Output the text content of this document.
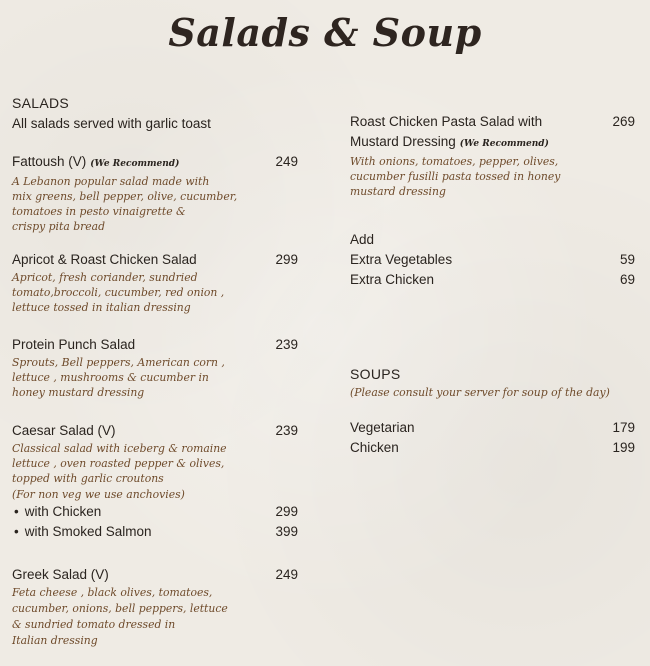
Salads & Soup
SALADS
All salads served with garlic toast
Fattoush (V) (We Recommend)	249
A Lebanon popular salad made with
mix greens, bell pepper, olive, cucumber,
tomatoes in pesto vinaigrette &
crispy pita bread
Apricot & Roast Chicken Salad	299
Apricot, fresh coriander, sundried
tomato,broccoli, cucumber, red onion ,
lettuce tossed in italian dressing
Protein Punch Salad	239
Sprouts, Bell peppers, American corn ,
lettuce , mushrooms & cucumber in
honey mustard dressing
Caesar Salad (V)	239
Classical salad with iceberg & romaine
lettuce , oven roasted pepper & olives,
topped with garlic croutons
(For non veg we use anchovies)
• with Chicken	299
• with Smoked Salmon	399
Greek Salad (V)	249
Feta cheese , black olives, tomatoes,
cucumber, onions, bell peppers, lettuce
& sundried tomato dressed in
Italian dressing
Roast Chicken Pasta Salad with	269
Mustard Dressing (We Recommend)
With onions, tomatoes, pepper, olives,
cucumber fusilli pasta tossed in honey
mustard dressing
Add
Extra Vegetables	59
Extra Chicken	69
SOUPS
(Please consult your server for soup of the day)
Vegetarian	179
Chicken	199
